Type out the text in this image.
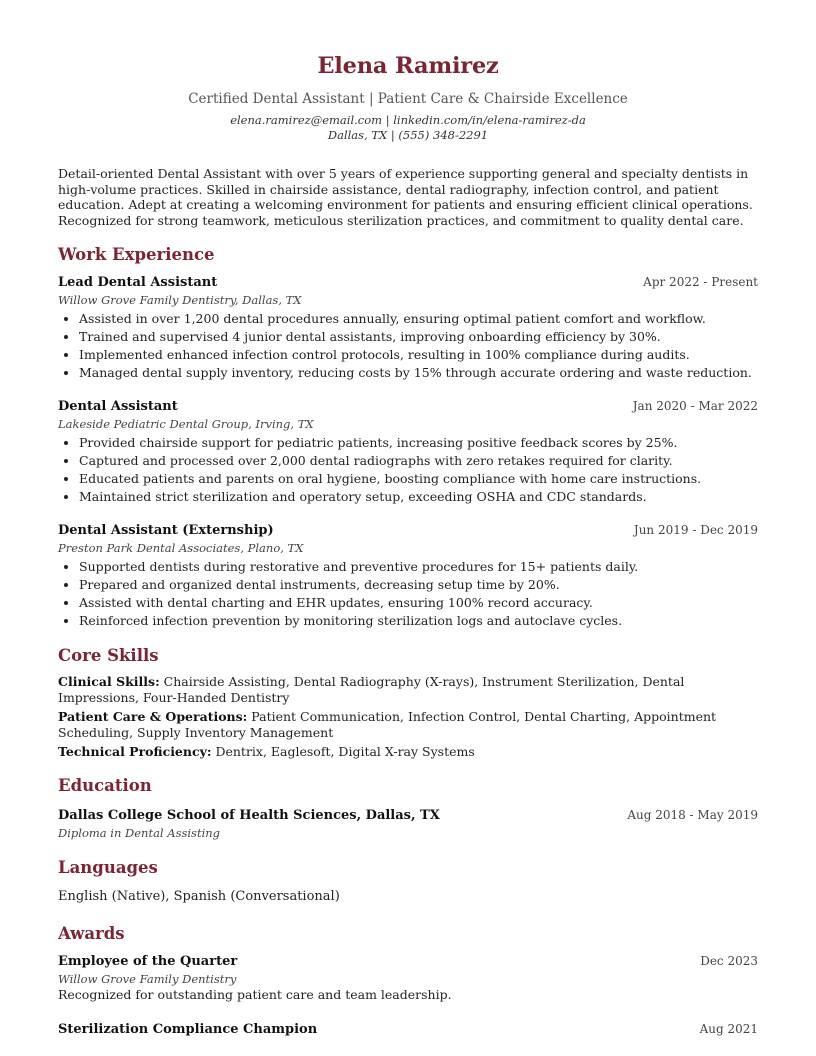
Elena Ramirez
Certified Dental Assistant | Patient Care & Chairside Excellence
elena.ramirez@email.com | linkedin.com/in/elena-ramirez-da
Dallas, TX | (555) 348-2291
Detail-oriented Dental Assistant with over 5 years of experience supporting general and specialty dentists in high-volume practices. Skilled in chairside assistance, dental radiography, infection control, and patient education. Adept at creating a welcoming environment for patients and ensuring efficient clinical operations. Recognized for strong teamwork, meticulous sterilization practices, and commitment to quality dental care.
Work Experience
Lead Dental Assistant	Apr 2022 - Present
Willow Grove Family Dentistry, Dallas, TX
• Assisted in over 1,200 dental procedures annually, ensuring optimal patient comfort and workflow.
• Trained and supervised 4 junior dental assistants, improving onboarding efficiency by 30%.
• Implemented enhanced infection control protocols, resulting in 100% compliance during audits.
• Managed dental supply inventory, reducing costs by 15% through accurate ordering and waste reduction.
Dental Assistant	Jan 2020 - Mar 2022
Lakeside Pediatric Dental Group, Irving, TX
• Provided chairside support for pediatric patients, increasing positive feedback scores by 25%.
• Captured and processed over 2,000 dental radiographs with zero retakes required for clarity.
• Educated patients and parents on oral hygiene, boosting compliance with home care instructions.
• Maintained strict sterilization and operatory setup, exceeding OSHA and CDC standards.
Dental Assistant (Externship)	Jun 2019 - Dec 2019
Preston Park Dental Associates, Plano, TX
• Supported dentists during restorative and preventive procedures for 15+ patients daily.
• Prepared and organized dental instruments, decreasing setup time by 20%.
• Assisted with dental charting and EHR updates, ensuring 100% record accuracy.
• Reinforced infection prevention by monitoring sterilization logs and autoclave cycles.
Core Skills
Clinical Skills: Chairside Assisting, Dental Radiography (X-rays), Instrument Sterilization, Dental Impressions, Four-Handed Dentistry
Patient Care & Operations: Patient Communication, Infection Control, Dental Charting, Appointment Scheduling, Supply Inventory Management
Technical Proficiency: Dentrix, Eaglesoft, Digital X-ray Systems
Education
Dallas College School of Health Sciences, Dallas, TX	Aug 2018 - May 2019
Diploma in Dental Assisting
Languages
English (Native), Spanish (Conversational)
Awards
Employee of the Quarter	Dec 2023
Willow Grove Family Dentistry
Recognized for outstanding patient care and team leadership.
Sterilization Compliance Champion	Aug 2021
